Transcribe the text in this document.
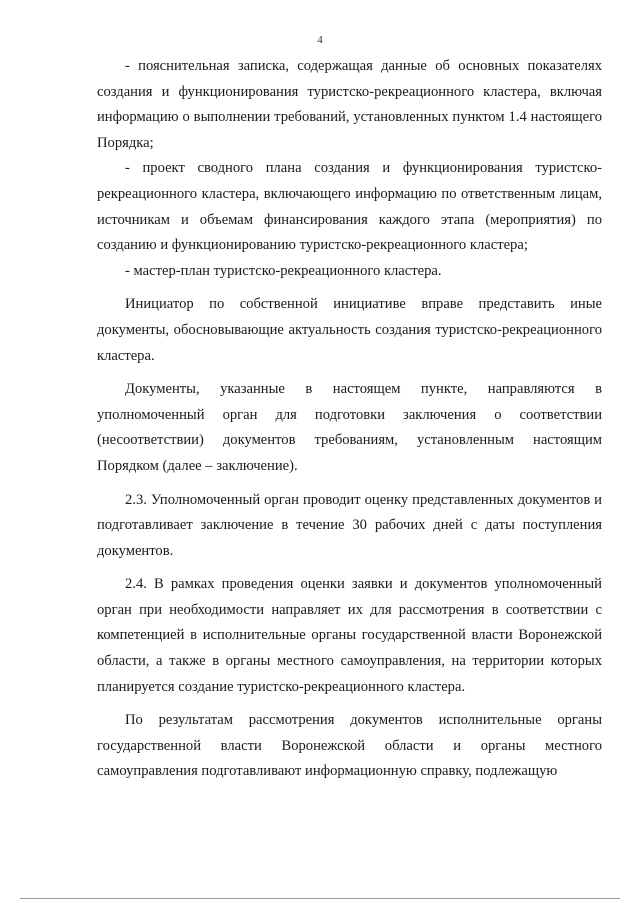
4

- пояснительная записка, содержащая данные об основных показателях создания и функционирования туристско-рекреационного кластера, включая информацию о выполнении требований, установленных пунктом 1.4 настоящего Порядка;

- проект сводного плана создания и функционирования туристско-рекреационного кластера, включающего информацию по ответственным лицам, источникам и объемам финансирования каждого этапа (мероприятия) по созданию и функционированию туристско-рекреационного кластера;

- мастер-план туристско-рекреационного кластера.

Инициатор по собственной инициативе вправе представить иные документы, обосновывающие актуальность создания туристско-рекреационного кластера.

Документы, указанные в настоящем пункте, направляются в уполномоченный орган для подготовки заключения о соответствии (несоответствии) документов требованиям, установленным настоящим Порядком (далее – заключение).

2.3. Уполномоченный орган проводит оценку представленных документов и подготавливает заключение в течение 30 рабочих дней с даты поступления документов.

2.4. В рамках проведения оценки заявки и документов уполномоченный орган при необходимости направляет их для рассмотрения в соответствии с компетенцией в исполнительные органы государственной власти Воронежской области, а также в органы местного самоуправления, на территории которых планируется создание туристско-рекреационного кластера.

По результатам рассмотрения документов исполнительные органы государственной власти Воронежской области и органы местного самоуправления подготавливают информационную справку, подлежащую
